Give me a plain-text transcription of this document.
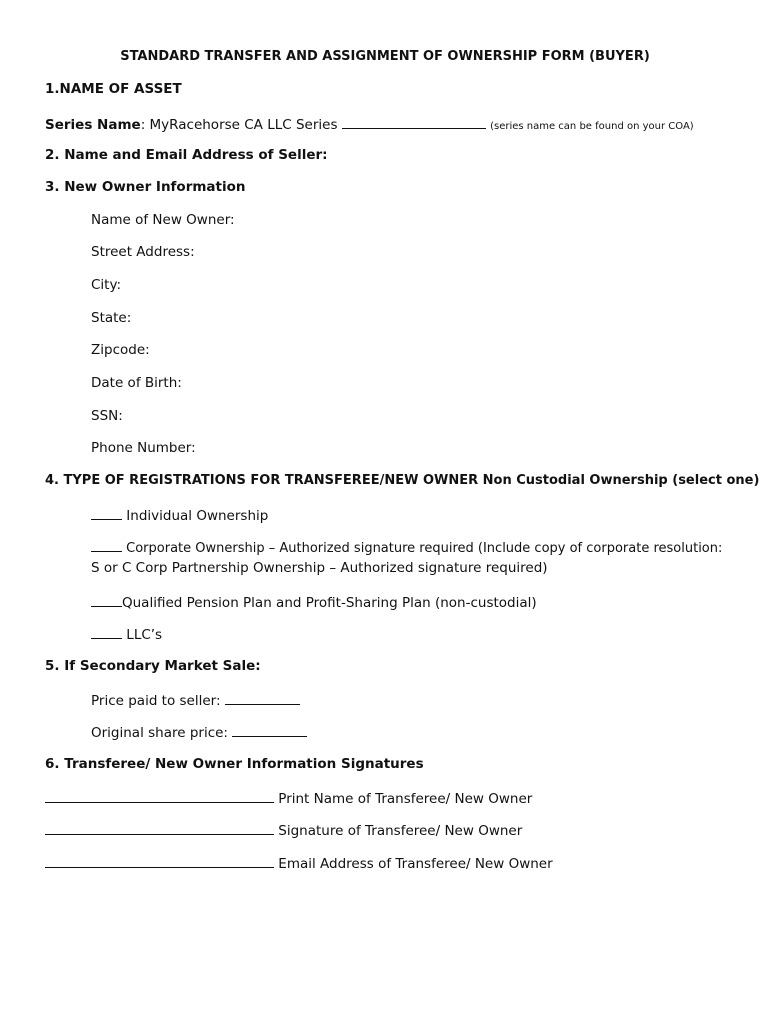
STANDARD TRANSFER AND ASSIGNMENT OF OWNERSHIP FORM (BUYER)
1.NAME OF ASSET
Series Name: MyRacehorse CA LLC Series	(series name can be found on your COA)
2. Name and Email Address of Seller:
3. New Owner Information
Name of New Owner:
Street Address:
City:
State:
Zipcode:
Date of Birth:
SSN:
Phone Number:
4. TYPE OF REGISTRATIONS FOR TRANSFEREE/NEW OWNER Non Custodial Ownership (select one)
Individual Ownership
Corporate Ownership – Authorized signature required (Include copy of corporate resolution:
S or C Corp Partnership Ownership – Authorized signature required)
Qualified Pension Plan and Profit-Sharing Plan (non-custodial)
LLC’s
5. If Secondary Market Sale:
Price paid to seller:
Original share price:
6. Transferee/ New Owner Information Signatures
Print Name of Transferee/ New Owner
Signature of Transferee/ New Owner
Email Address of Transferee/ New Owner
